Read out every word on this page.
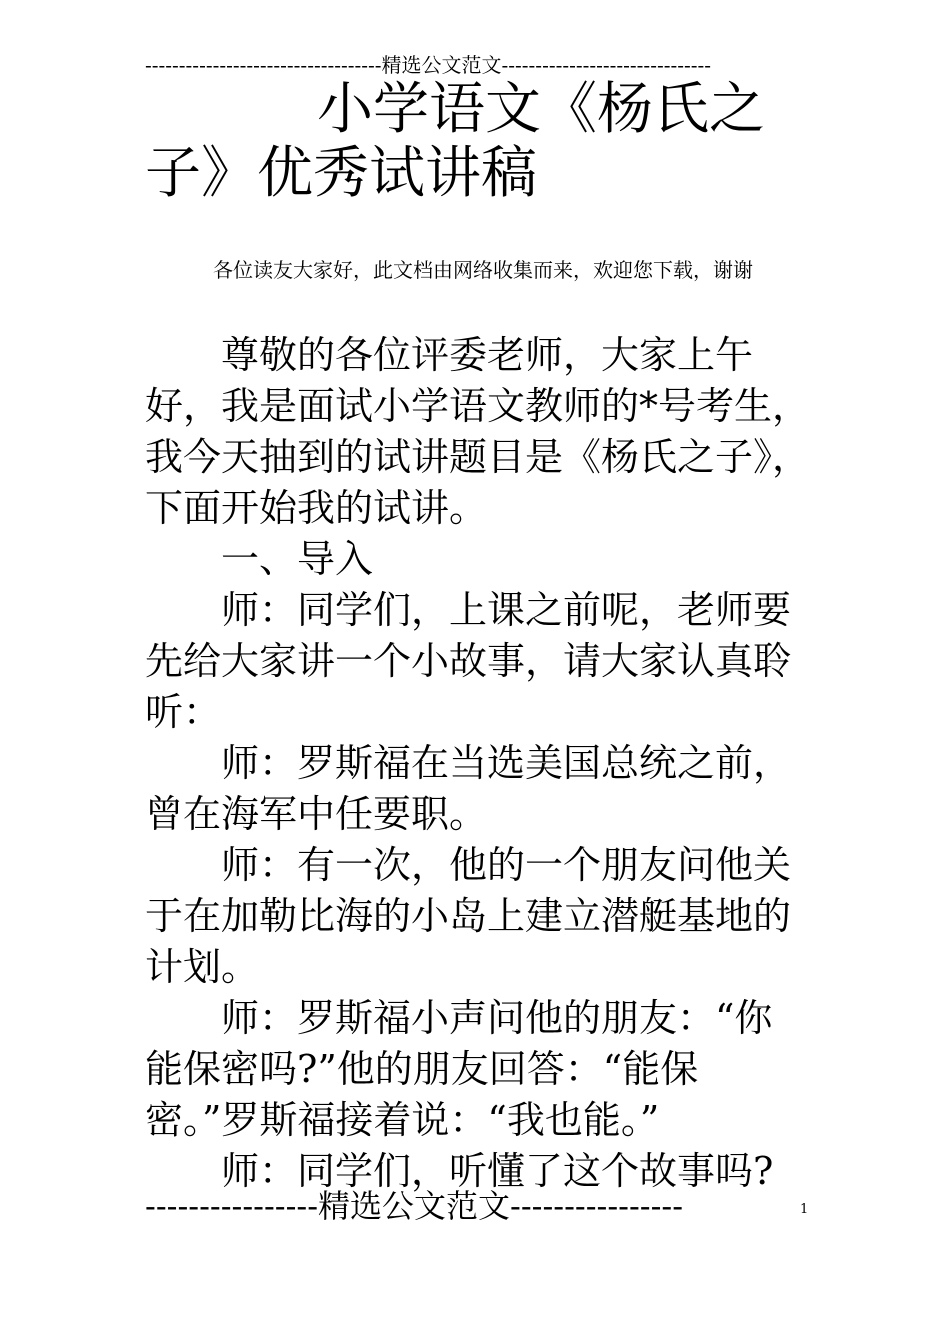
-----------------------------------精选公文范文-------------------------------
小学语文《杨氏之子》优秀试讲稿
各位读友大家好，此文档由网络收集而来，欢迎您下载，谢谢

尊敬的各位评委老师，大家上午好，我是面试小学语文教师的*号考生，我今天抽到的试讲题目是《杨氏之子》，下面开始我的试讲。

一、导入

师：同学们，上课之前呢，老师要先给大家讲一个小故事，请大家认真聆听：

师：罗斯福在当选美国总统之前，曾在海军中任要职。

师：有一次，他的一个朋友问他关于在加勒比海的小岛上建立潜艇基地的计划。

师：罗斯福小声问他的朋友：“你能保密吗?”他的朋友回答：“能保密。”罗斯福接着说：“我也能。”

师：同学们，听懂了这个故事吗?

----------------精选公文范文----------------	1
